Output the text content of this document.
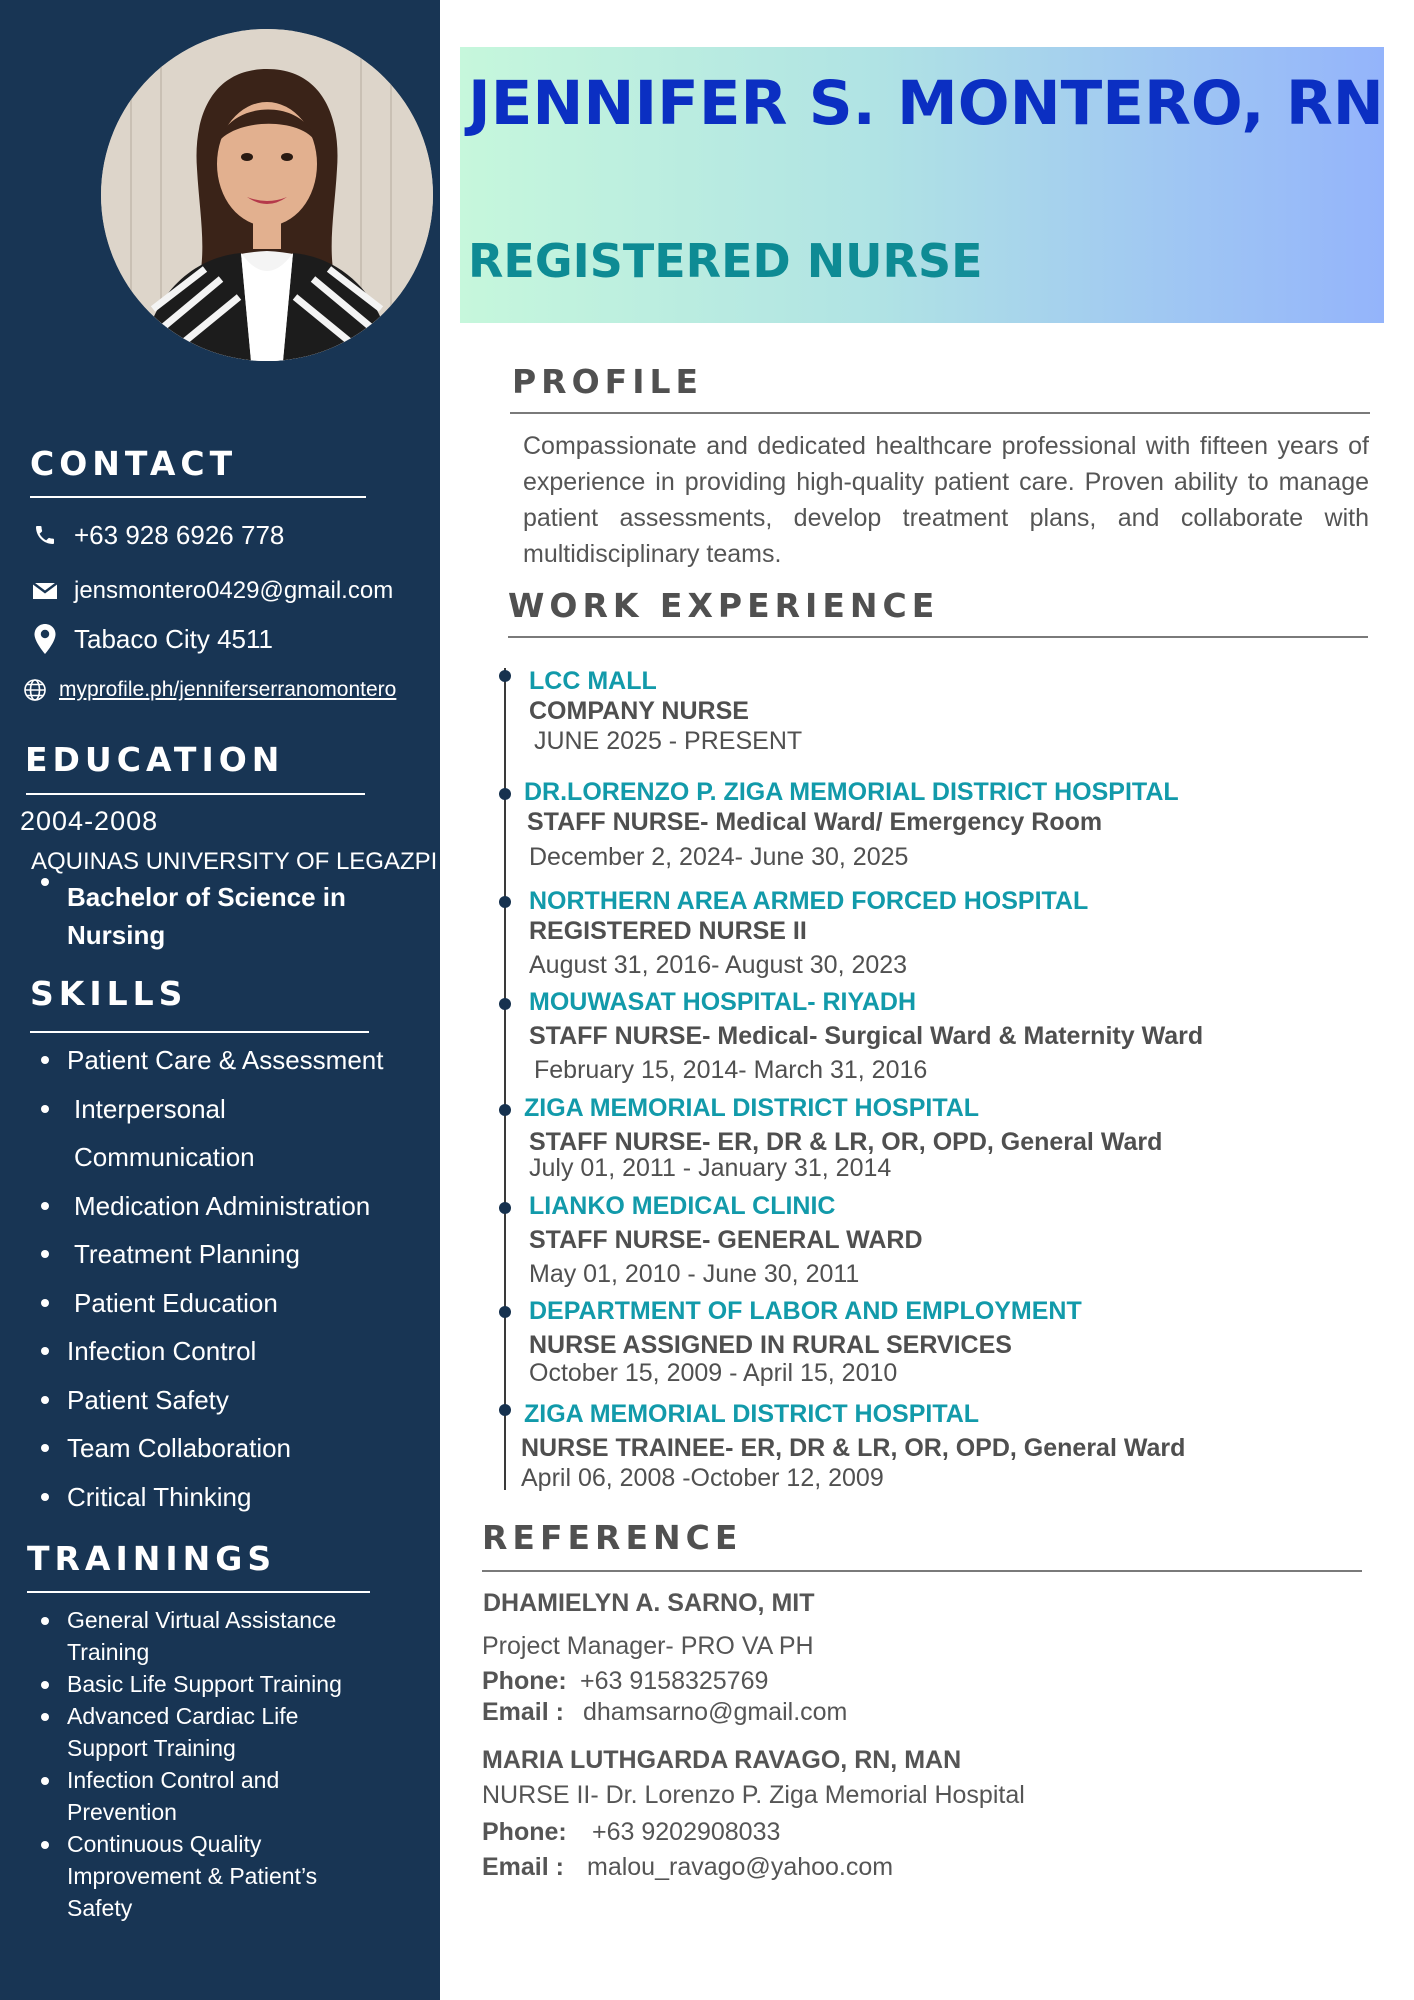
CONTACT
+63 928 6926 778
jensmontero0429@gmail.com
Tabaco City 4511
myprofile.ph/jenniferserranomontero
EDUCATION
2004-2008
AQUINAS UNIVERSITY OF LEGAZPI
Bachelor of Science in Nursing
SKILLS
Patient Care & Assessment
Interpersonal Communication
Medication Administration
Treatment Planning
Patient Education
Infection Control
Patient Safety
Team Collaboration
Critical Thinking
TRAININGS
General Virtual Assistance Training
Basic Life Support Training
Advanced Cardiac Life Support Training
Infection Control and Prevention
Continuous Quality Improvement & Patient’s Safety
JENNIFER S. MONTERO, RN
REGISTERED NURSE
PROFILE
Compassionate and dedicated healthcare professional with fifteen years of experience in providing high-quality patient care. Proven ability to manage patient assessments, develop treatment plans, and collaborate with multidisciplinary teams.
WORK EXPERIENCE
LCC MALL
COMPANY NURSE
JUNE 2025 - PRESENT
DR.LORENZO P. ZIGA MEMORIAL DISTRICT HOSPITAL
STAFF NURSE- Medical Ward/ Emergency Room
December 2, 2024- June 30, 2025
NORTHERN AREA ARMED FORCED HOSPITAL
REGISTERED NURSE II
August 31, 2016- August 30, 2023
MOUWASAT HOSPITAL- RIYADH
STAFF NURSE- Medical- Surgical Ward & Maternity Ward
February 15, 2014- March 31, 2016
ZIGA MEMORIAL DISTRICT HOSPITAL
STAFF NURSE- ER, DR & LR, OR, OPD, General Ward
July 01, 2011 - January 31, 2014
LIANKO MEDICAL CLINIC
STAFF NURSE- GENERAL WARD
May 01, 2010 - June 30, 2011
DEPARTMENT OF LABOR AND EMPLOYMENT
NURSE ASSIGNED IN RURAL SERVICES
October 15, 2009 - April 15, 2010
ZIGA MEMORIAL DISTRICT HOSPITAL
NURSE TRAINEE- ER, DR & LR, OR, OPD, General Ward
April 06, 2008 -October 12, 2009
REFERENCE
DHAMIELYN A. SARNO, MIT
Project Manager- PRO VA PH
Phone: +63 9158325769
Email : dhamsarno@gmail.com
MARIA LUTHGARDA RAVAGO, RN, MAN
NURSE II- Dr. Lorenzo P. Ziga Memorial Hospital
Phone: +63 9202908033
Email : malou_ravago@yahoo.com
